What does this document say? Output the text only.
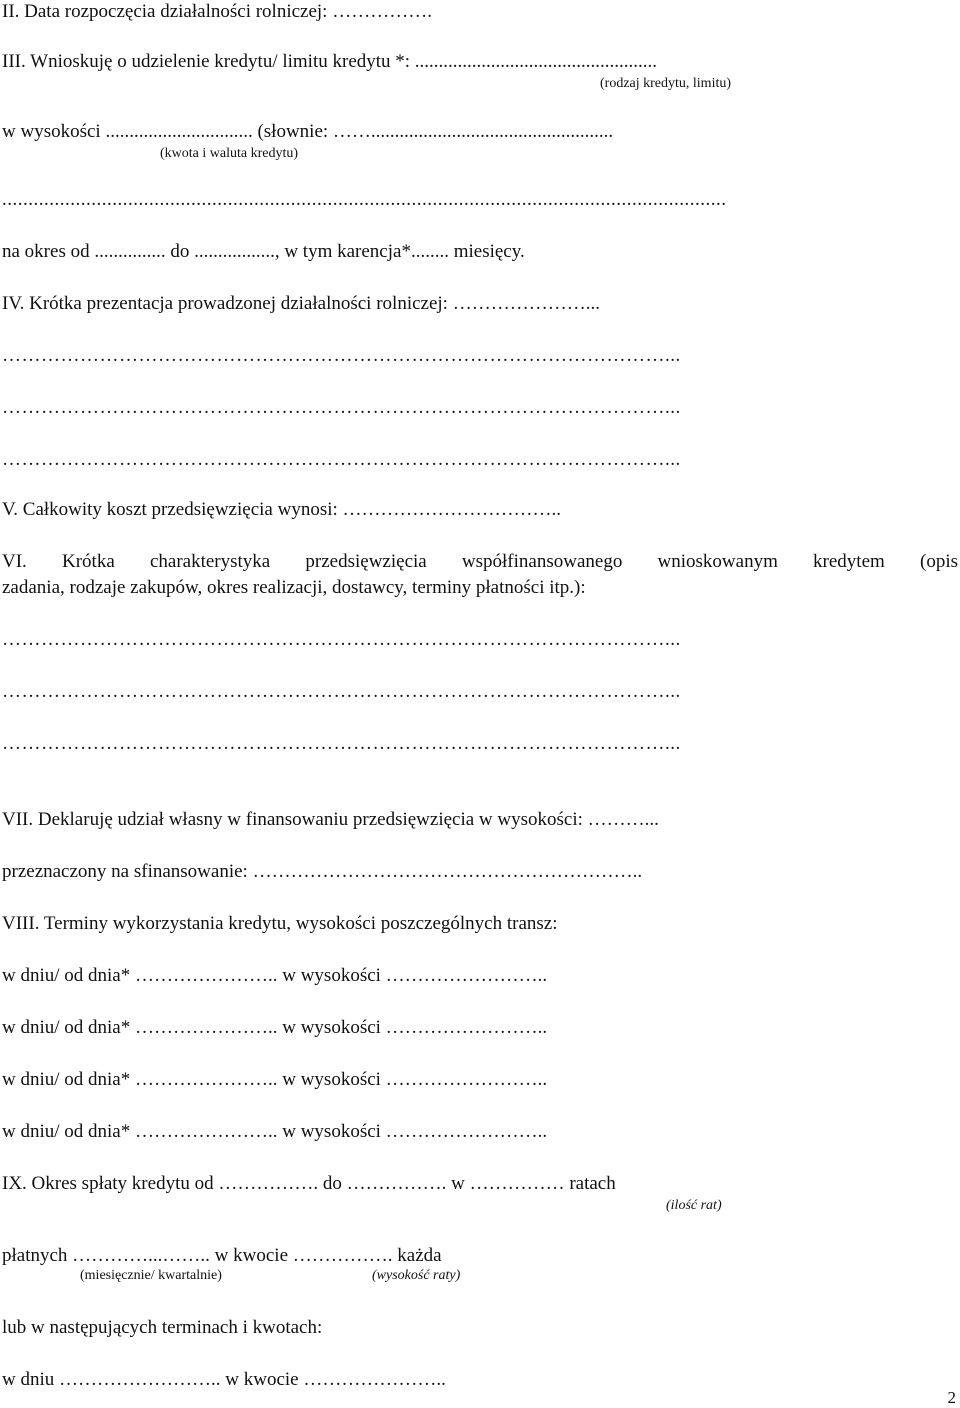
II. Data rozpoczęcia działalności rolniczej: …………….
III. Wnioskuję o udzielenie kredytu/ limitu kredytu *: ...................................................
(rodzaj kredytu, limitu)
w wysokości ............................... (słownie: ……...................................................
(kwota i waluta kredytu)
..........................................................................................................................................
na okres od ............... do ................., w tym karencja*........ miesięcy.
IV. Krótka prezentacja prowadzonej działalności rolniczej: …………………...
…………………………………………………………………………………………...
…………………………………………………………………………………………...
…………………………………………………………………………………………...
V. Całkowity koszt przedsięwzięcia wynosi: ……………………………..
VI. Krótka charakterystyka przedsięwzięcia współfinansowanego wnioskowanym kredytem (opis
zadania, rodzaje zakupów, okres realizacji, dostawcy, terminy płatności itp.):
…………………………………………………………………………………………...
…………………………………………………………………………………………...
…………………………………………………………………………………………...
VII. Deklaruję udział własny w finansowaniu przedsięwzięcia w wysokości: ………...
przeznaczony na sfinansowanie: ……………………………………………………..
VIII. Terminy wykorzystania kredytu, wysokości poszczególnych transz:
w dniu/ od dnia* ………………….. w wysokości ……………………..
w dniu/ od dnia* ………………….. w wysokości ……………………..
w dniu/ od dnia* ………………….. w wysokości ……………………..
w dniu/ od dnia* ………………….. w wysokości ……………………..
IX. Okres spłaty kredytu od ……………. do ……………. w …………… ratach
(ilość rat)
płatnych …………...…….. w kwocie ……………. każda
(miesięcznie/ kwartalnie)	(wysokość raty)
lub w następujących terminach i kwotach:
w dniu …………………….. w kwocie …………………..
2
